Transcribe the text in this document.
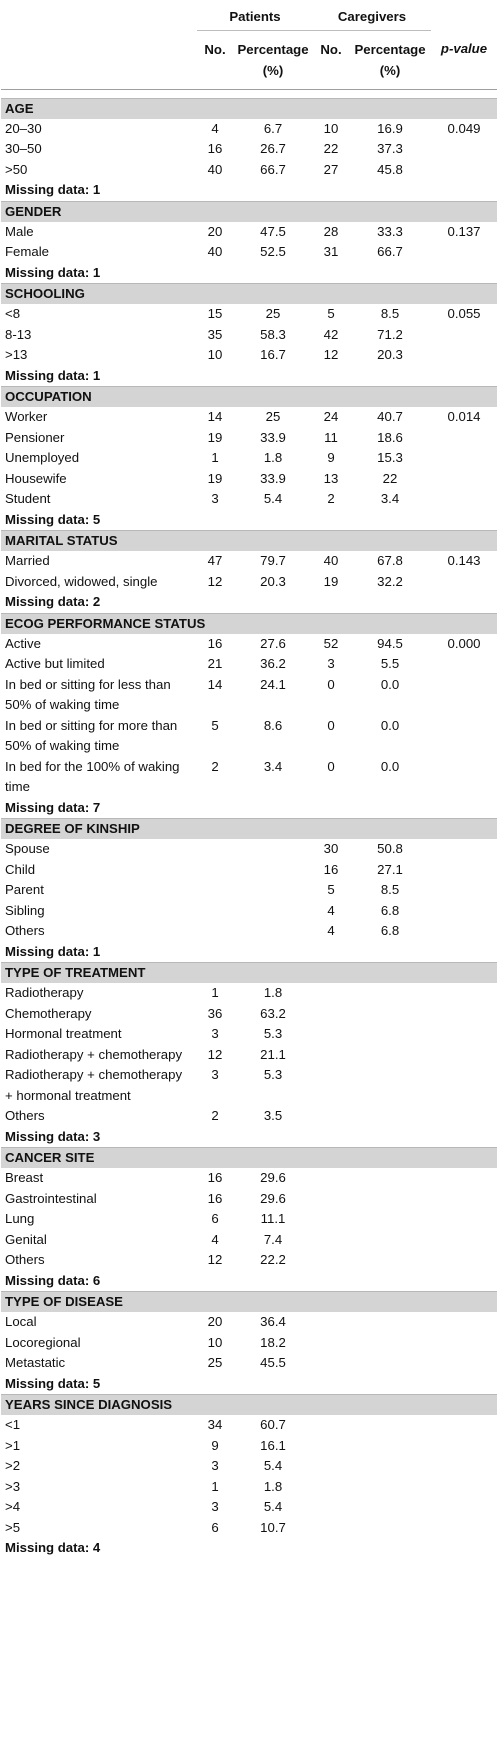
	Patients		Caregivers		
	No.	Percentage (%)	No.	Percentage (%)	p-value

AGE					
20–30	4	6.7	10	16.9	0.049
30–50	16	26.7	22	37.3	
>50	40	66.7	27	45.8	
Missing data: 1					
GENDER					
Male	20	47.5	28	33.3	0.137
Female	40	52.5	31	66.7	
Missing data: 1					
SCHOOLING					
<8	15	25	5	8.5	0.055
8-13	35	58.3	42	71.2	
>13	10	16.7	12	20.3	
Missing data: 1					
OCCUPATION					
Worker	14	25	24	40.7	0.014
Pensioner	19	33.9	11	18.6	
Unemployed	1	1.8	9	15.3	
Housewife	19	33.9	13	22	
Student	3	5.4	2	3.4	
Missing data: 5					
MARITAL STATUS					
Married	47	79.7	40	67.8	0.143
Divorced, widowed, single	12	20.3	19	32.2	
Missing data: 2					
ECOG PERFORMANCE STATUS					
Active	16	27.6	52	94.5	0.000
Active but limited	21	36.2	3	5.5	
In bed or sitting for less than 50% of waking time	14	24.1	0	0.0	
In bed or sitting for more than 50% of waking time	5	8.6	0	0.0	
In bed for the 100% of waking time	2	3.4	0	0.0	
Missing data: 7					
DEGREE OF KINSHIP					
Spouse			30	50.8	
Child			16	27.1	
Parent			5	8.5	
Sibling			4	6.8	
Others			4	6.8	
Missing data: 1					
TYPE OF TREATMENT					
Radiotherapy	1	1.8			
Chemotherapy	36	63.2			
Hormonal treatment	3	5.3			
Radiotherapy + chemotherapy	12	21.1			
Radiotherapy + chemotherapy + hormonal treatment	3	5.3			
Others	2	3.5			
Missing data: 3					
CANCER SITE					
Breast	16	29.6			
Gastrointestinal	16	29.6			
Lung	6	11.1			
Genital	4	7.4			
Others	12	22.2			
Missing data: 6					
TYPE OF DISEASE					
Local	20	36.4			
Locoregional	10	18.2			
Metastatic	25	45.5			
Missing data: 5					
YEARS SINCE DIAGNOSIS					
<1	34	60.7			
>1	9	16.1			
>2	3	5.4			
>3	1	1.8			
>4	3	5.4			
>5	6	10.7			
Missing data: 4					
